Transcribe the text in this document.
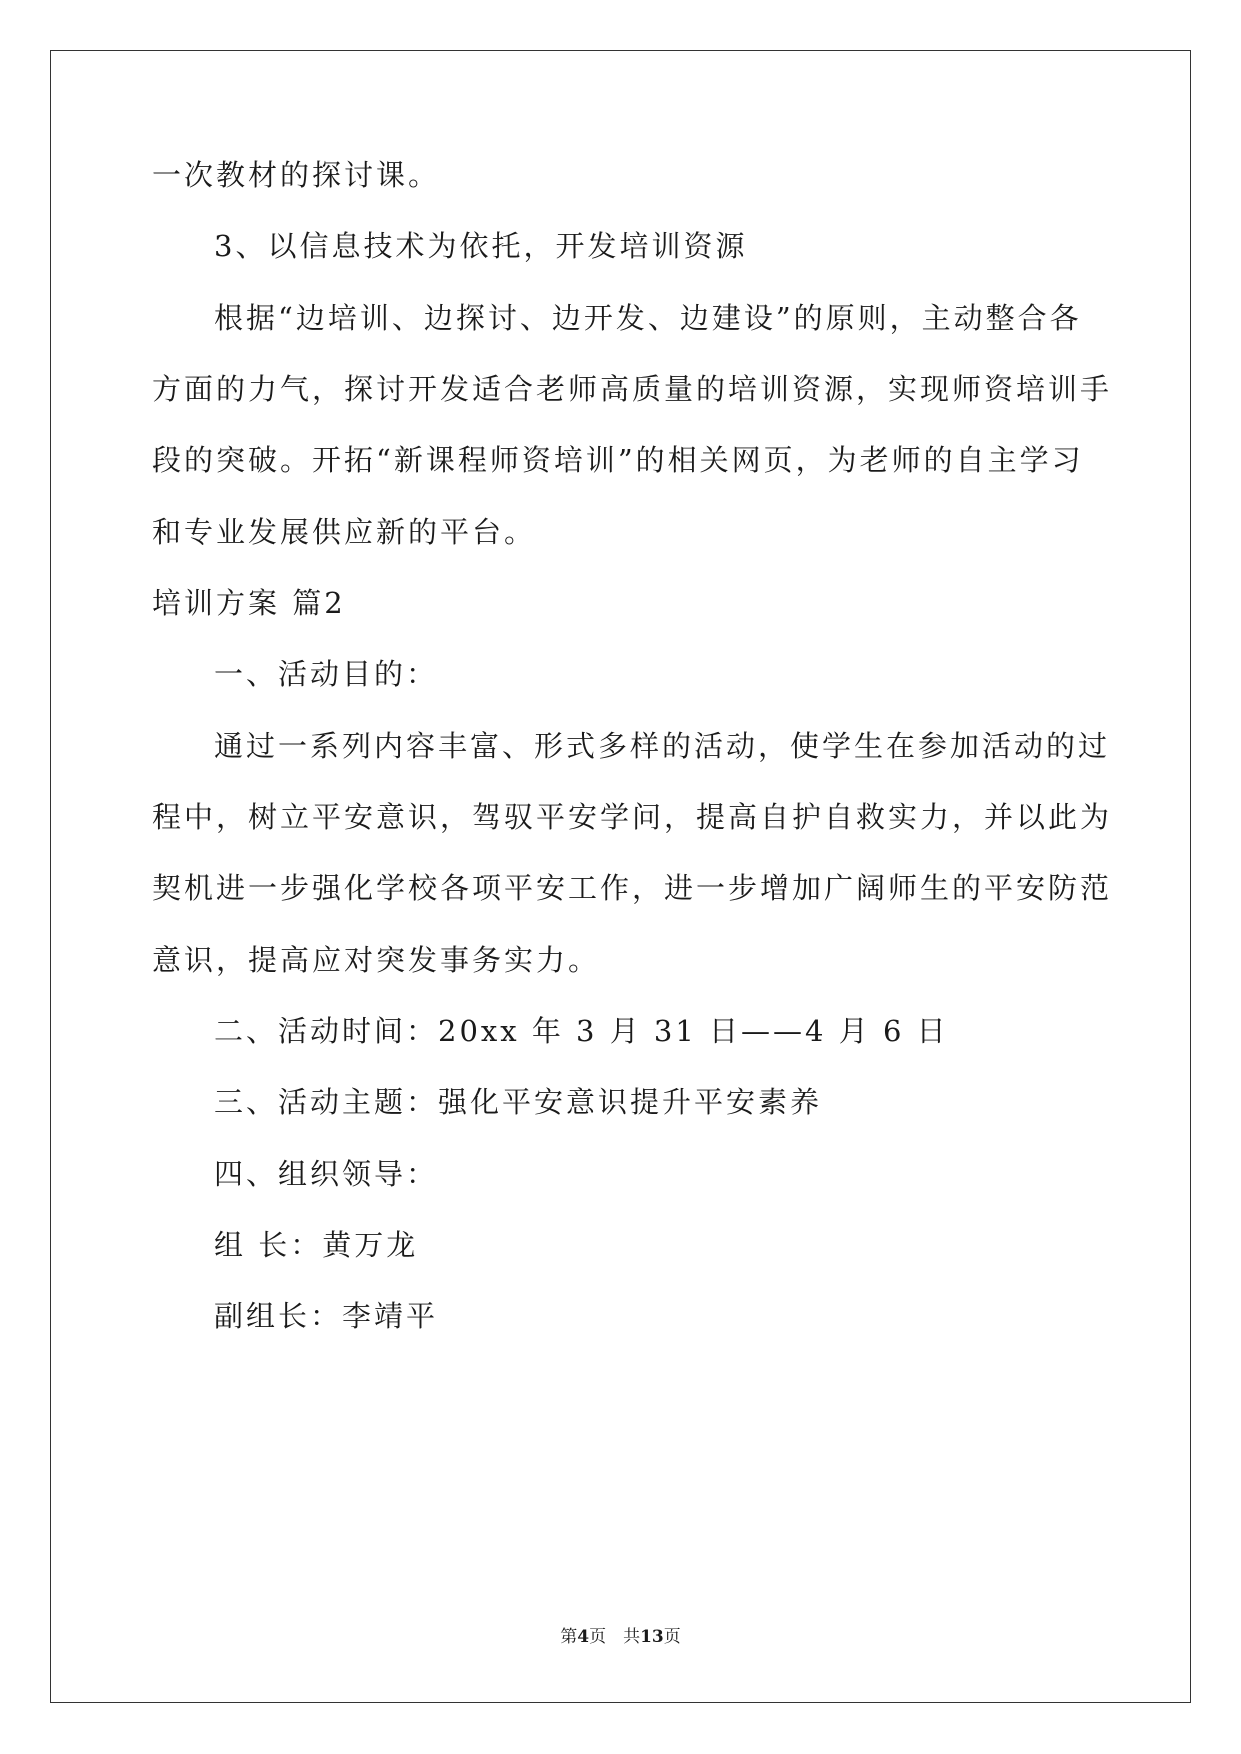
一次教材的探讨课。
3、以信息技术为依托，开发培训资源
根据“边培训、边探讨、边开发、边建设”的原则，主动整合各
方面的力气，探讨开发适合老师高质量的培训资源，实现师资培训手
段的突破。开拓“新课程师资培训”的相关网页，为老师的自主学习
和专业发展供应新的平台。
培训方案 篇2
一、活动目的：
通过一系列内容丰富、形式多样的活动，使学生在参加活动的过
程中，树立平安意识，驾驭平安学问，提高自护自救实力，并以此为
契机进一步强化学校各项平安工作，进一步增加广阔师生的平安防范
意识，提高应对突发事务实力。
二、活动时间：20xx 年 3 月 31 日——4 月 6 日
三、活动主题：强化平安意识提升平安素养
四、组织领导：
组 长：黄万龙
副组长：李靖平
第4页　共13页
